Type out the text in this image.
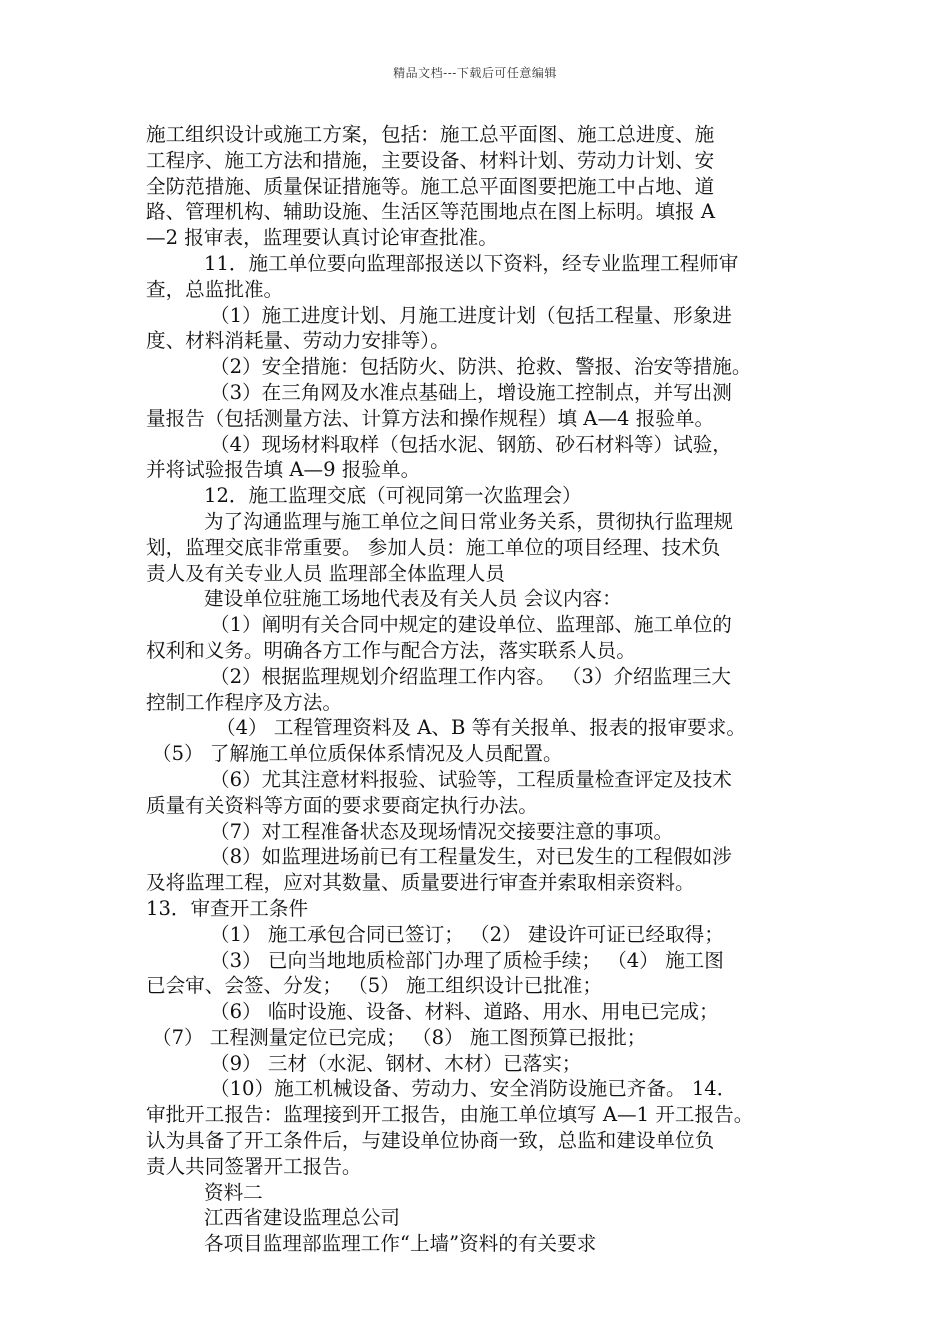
精品文档---下载后可任意编辑
施工组织设计或施工方案，包括：施工总平面图、施工总进度、施
工程序、施工方法和措施，主要设备、材料计划、劳动力计划、安
全防范措施、质量保证措施等。施工总平面图要把施工中占地、道
路、管理机构、辅助设施、生活区等范围地点在图上标明。填报 A
—2 报审表，监理要认真讨论审查批准。
11．施工单位要向监理部报送以下资料，经专业监理工程师审
查，总监批准。
（1）施工进度计划、月施工进度计划（包括工程量、形象进
度、材料消耗量、劳动力安排等）。
（2）安全措施：包括防火、防洪、抢救、警报、治安等措施。
（3）在三角网及水准点基础上，增设施工控制点，并写出测
量报告（包括测量方法、计算方法和操作规程）填 A—4 报验单。
（4）现场材料取样（包括水泥、钢筋、砂石材料等）试验，
并将试验报告填 A—9 报验单。
12．施工监理交底（可视同第一次监理会）
为了沟通监理与施工单位之间日常业务关系，贯彻执行监理规
划，监理交底非常重要。 参加人员：施工单位的项目经理、技术负
责人及有关专业人员 监理部全体监理人员
建设单位驻施工场地代表及有关人员 会议内容：
（1）阐明有关合同中规定的建设单位、监理部、施工单位的
权利和义务。明确各方工作与配合方法，落实联系人员。
（2）根据监理规划介绍监理工作内容。 （3）介绍监理三大
控制工作程序及方法。
（4） 工程管理资料及 A、B 等有关报单、报表的报审要求。
（5） 了解施工单位质保体系情况及人员配置。
（6）尤其注意材料报验、试验等，工程质量检查评定及技术
质量有关资料等方面的要求要商定执行办法。
（7）对工程准备状态及现场情况交接要注意的事项。
（8）如监理进场前已有工程量发生，对已发生的工程假如涉
及将监理工程，应对其数量、质量要进行审查并索取相亲资料。
13．审查开工条件
（1） 施工承包合同已签订； （2） 建设许可证已经取得；
（3） 已向当地地质检部门办理了质检手续； （4） 施工图
已会审、会签、分发； （5） 施工组织设计已批准；
（6） 临时设施、设备、材料、道路、用水、用电已完成；
（7） 工程测量定位已完成； （8） 施工图预算已报批；
（9） 三材（水泥、钢材、木材）已落实；
（10）施工机械设备、劳动力、安全消防设施已齐备。 14．
审批开工报告：监理接到开工报告，由施工单位填写 A—1 开工报告。
认为具备了开工条件后，与建设单位协商一致，总监和建设单位负
责人共同签署开工报告。
资料二
江西省建设监理总公司
各项目监理部监理工作“上墙”资料的有关要求
